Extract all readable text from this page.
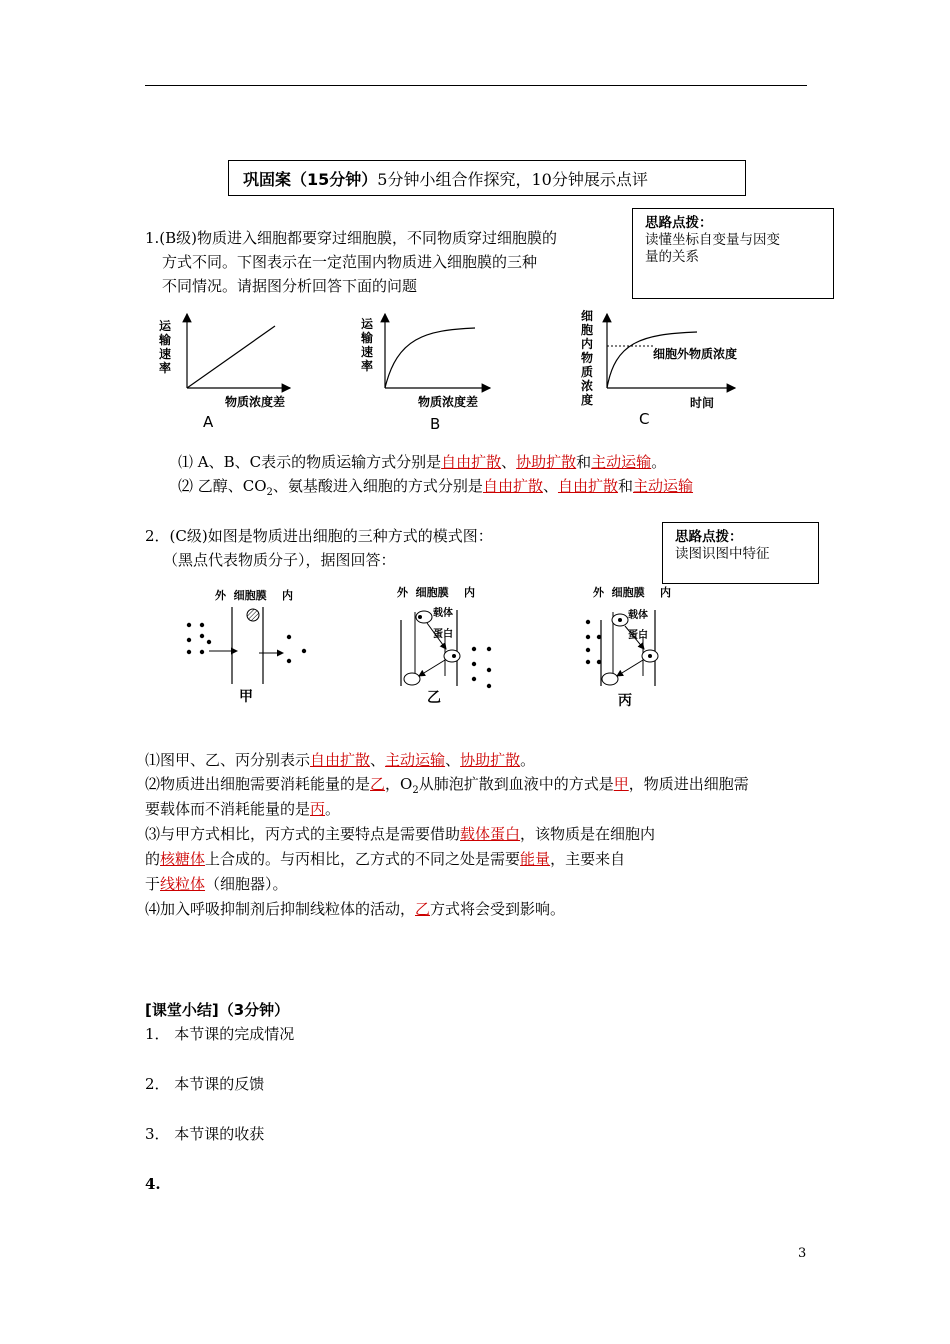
巩固案（15分钟） 5分钟小组合作探究，10分钟展示点评
思路点拨：
读懂坐标自变量与因变
量的关系
1.(B级)物质进入细胞都要穿过细胞膜，不同物质穿过细胞膜的
方式不同。下图表示在一定范围内物质进入细胞膜的三种
不同情况。请据图分析回答下面的问题
运
输
速
率
物质浓度差
A
运
输
速
率
物质浓度差
B
细
胞
内
物
质
浓
度
细胞外物质浓度
时间
C
⑴ A、B、C表示的物质运输方式分别是自由扩散、协助扩散和主动运输。
⑵ 乙醇、$CO_2$、氨基酸进入细胞的方式分别是自由扩散、自由扩散和主动运输
思路点拨：
读图识图中特征
2．(C级)如图是物质进出细胞的三种方式的模式图：
（黑点代表物质分子），据图回答：
外  细胞膜    内
甲
外  细胞膜    内
载体
蛋白
乙
外  细胞膜    内
载体
蛋白
丙
⑴图甲、乙、丙分别表示自由扩散、主动运输、协助扩散。
⑵物质进出细胞需要消耗能量的是乙，$O_2$从肺泡扩散到血液中的方式是甲，物质进出细胞需
要载体而不消耗能量的是丙。
⑶与甲方式相比，丙方式的主要特点是需要借助载体蛋白，该物质是在细胞内
的核糖体上合成的。与丙相比，乙方式的不同之处是需要能量，主要来自
于线粒体（细胞器）。
⑷加入呼吸抑制剂后抑制线粒体的活动，乙方式将会受到影响。
[课堂小结]（3分钟）
1． 本节课的完成情况
2． 本节课的反馈
3． 本节课的收获
4.
3
